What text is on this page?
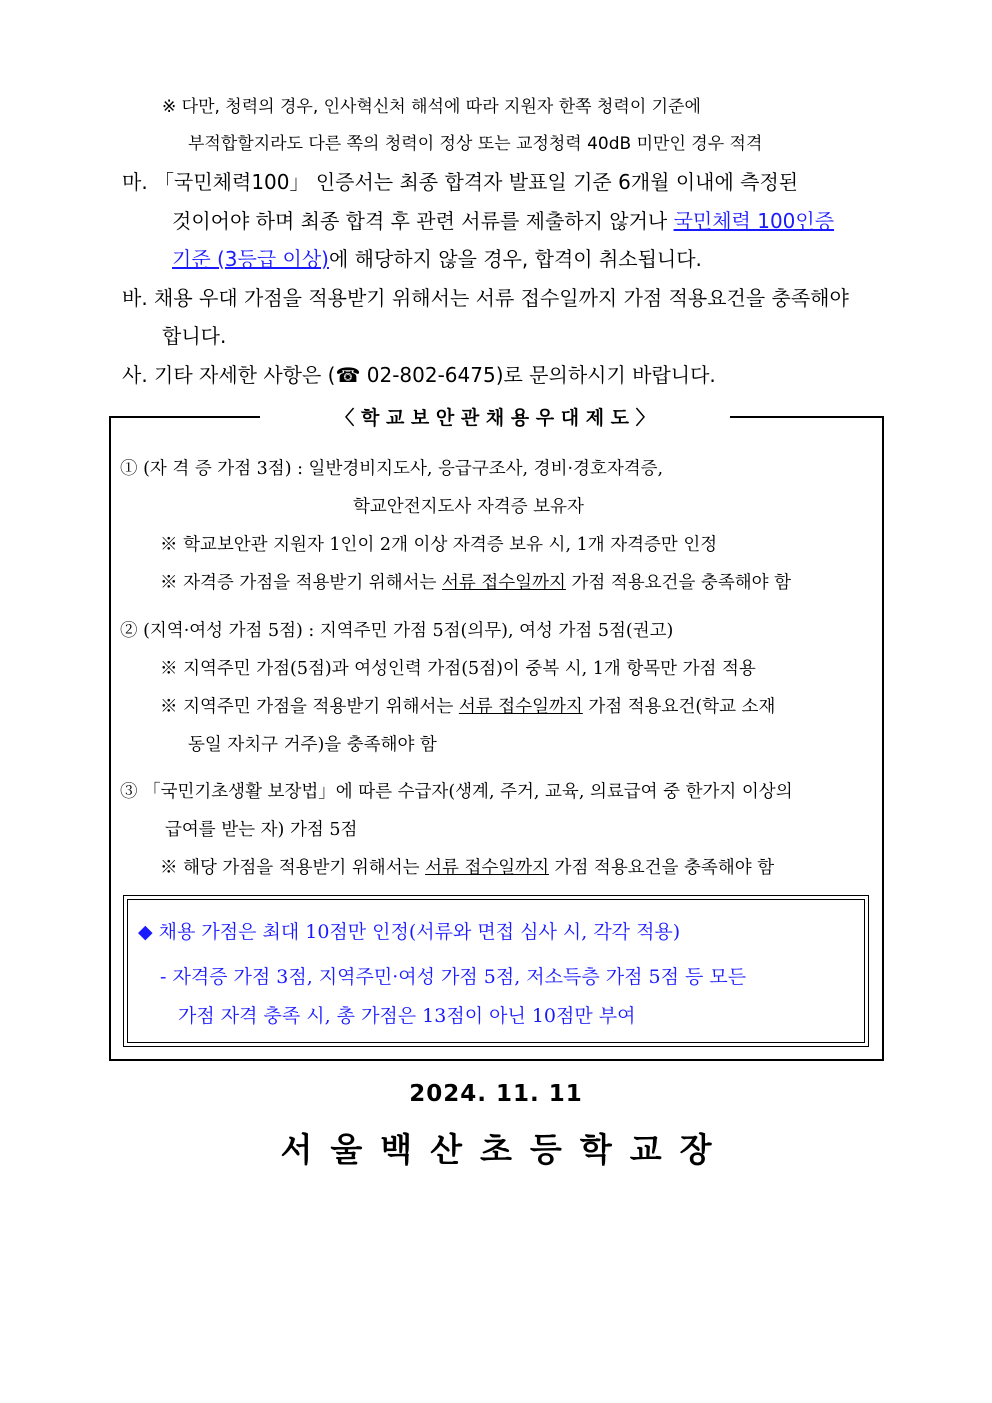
※ 다만, 청력의 경우, 인사혁신처 해석에 따라 지원자 한쪽 청력이 기준에
부적합할지라도 다른 쪽의 청력이 정상 또는 교정청력 40dB 미만인 경우 적격
마. 「국민체력100」 인증서는 최종 합격자 발표일 기준 6개월 이내에 측정된
것이어야 하며 최종 합격 후 관련 서류를 제출하지 않거나 국민체력 100인증
기준 (3등급 이상)에 해당하지 않을 경우, 합격이 취소됩니다.
바. 채용 우대 가점을 적용받기 위해서는 서류 접수일까지 가점 적용요건을 충족해야
합니다.
사. 기타 자세한 사항은 (☎ 02-802-6475)로 문의하시기 바랍니다.
〈 학 교 보 안 관 채 용 우 대 제 도 〉
① (자 격 증 가점 3점) : 일반경비지도사, 응급구조사, 경비·경호자격증,
학교안전지도사 자격증 보유자
※ 학교보안관 지원자 1인이 2개 이상 자격증 보유 시, 1개 자격증만 인정
※ 자격증 가점을 적용받기 위해서는 서류 접수일까지 가점 적용요건을 충족해야 함
② (지역·여성 가점 5점) : 지역주민 가점 5점(의무), 여성 가점 5점(권고)
※ 지역주민 가점(5점)과 여성인력 가점(5점)이 중복 시, 1개 항목만 가점 적용
※ 지역주민 가점을 적용받기 위해서는 서류 접수일까지 가점 적용요건(학교 소재
동일 자치구 거주)을 충족해야 함
③ 「국민기초생활 보장법」에 따른 수급자(생계, 주거, 교육, 의료급여 중 한가지 이상의
급여를 받는 자) 가점 5점
※ 해당 가점을 적용받기 위해서는 서류 접수일까지 가점 적용요건을 충족해야 함
◆ 채용 가점은 최대 10점만 인정(서류와 면접 심사 시, 각각 적용)
- 자격증 가점 3점, 지역주민·여성 가점 5점, 저소득층 가점 5점 등 모든
가점 자격 충족 시, 총 가점은 13점이 아닌 10점만 부여
2024. 11. 11
서울백산초등학교장
